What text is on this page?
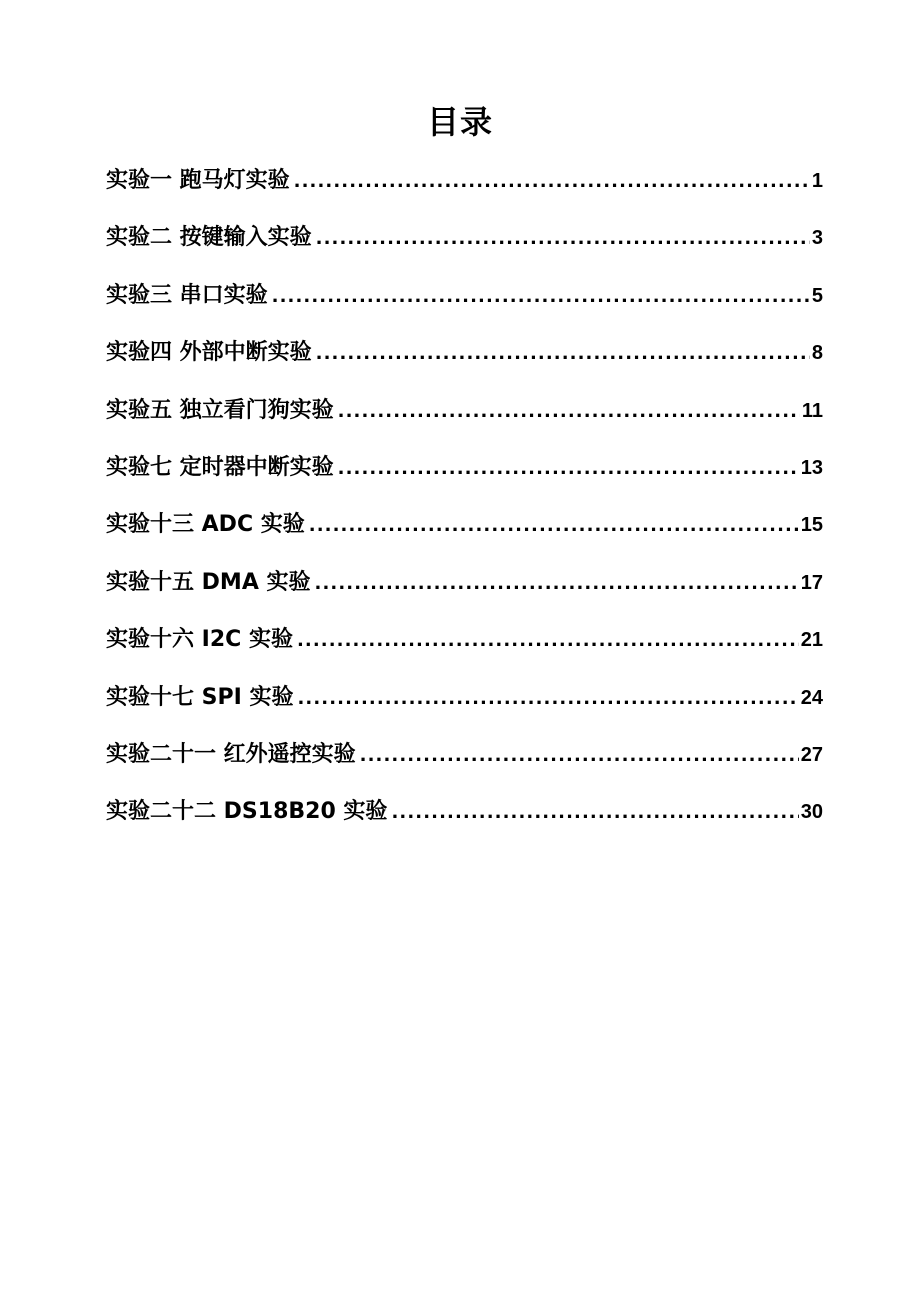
目录
实验一 跑马灯实验 .....	1
实验二 按键输入实验 .....	3
实验三 串口实验 .....	5
实验四 外部中断实验 .....	8
实验五 独立看门狗实验 .....	11
实验七 定时器中断实验 .....	13
实验十三 ADC 实验 .....	15
实验十五 DMA 实验 .....	17
实验十六 I2C 实验 .....	21
实验十七 SPI 实验 .....	24
实验二十一 红外遥控实验 .....	27
实验二十二 DS18B20 实验 .....	30
